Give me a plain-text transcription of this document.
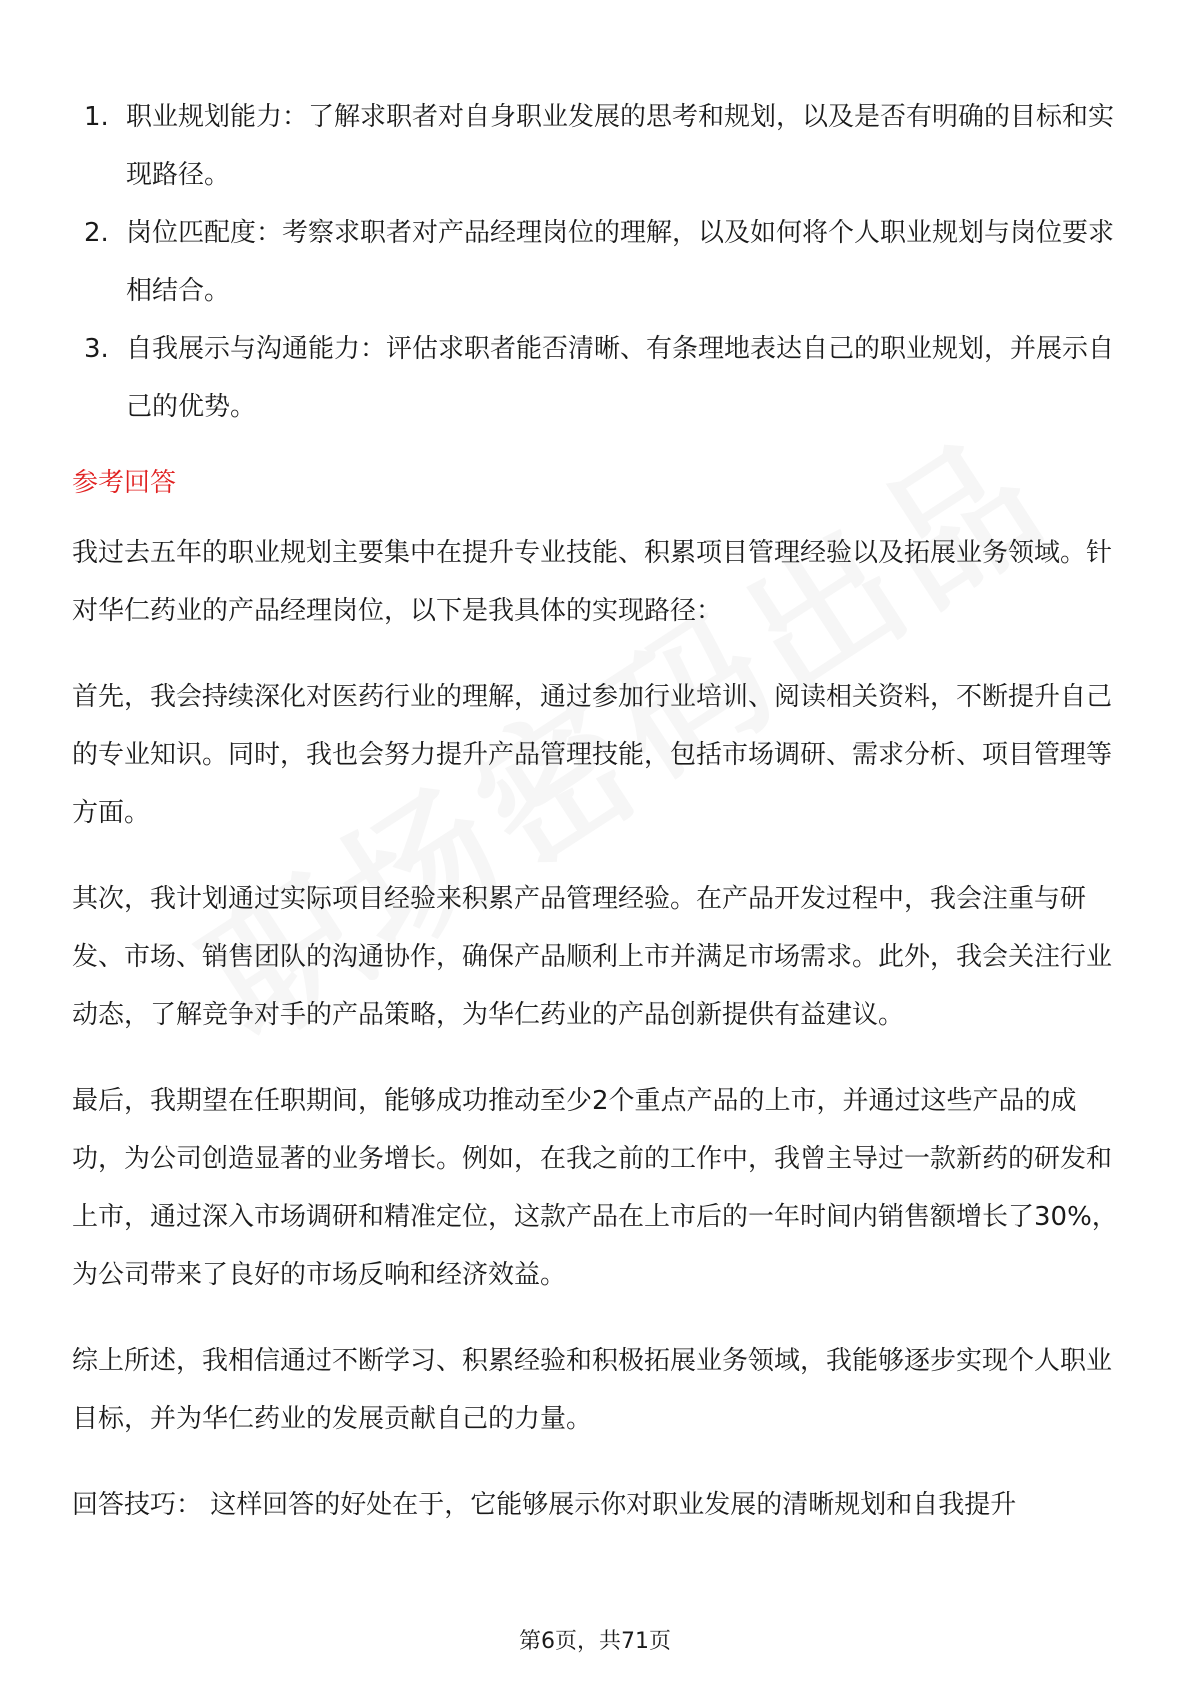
1. 职业规划能力：了解求职者对自身职业发展的思考和规划，以及是否有明确的目标和实现路径。
2. 岗位匹配度：考察求职者对产品经理岗位的理解，以及如何将个人职业规划与岗位要求相结合。
3. 自我展示与沟通能力：评估求职者能否清晰、有条理地表达自己的职业规划，并展示自己的优势。
参考回答

我过去五年的职业规划主要集中在提升专业技能、积累项目管理经验以及拓展业务领域。针对华仁药业的产品经理岗位，以下是我具体的实现路径：

首先，我会持续深化对医药行业的理解，通过参加行业培训、阅读相关资料，不断提升自己的专业知识。同时，我也会努力提升产品管理技能，包括市场调研、需求分析、项目管理等方面。

其次，我计划通过实际项目经验来积累产品管理经验。在产品开发过程中，我会注重与研发、市场、销售团队的沟通协作，确保产品顺利上市并满足市场需求。此外，我会关注行业动态，了解竞争对手的产品策略，为华仁药业的产品创新提供有益建议。

最后，我期望在任职期间，能够成功推动至少2个重点产品的上市，并通过这些产品的成功，为公司创造显著的业务增长。例如，在我之前的工作中，我曾主导过一款新药的研发和上市，通过深入市场调研和精准定位，这款产品在上市后的一年时间内销售额增长了30%，为公司带来了良好的市场反响和经济效益。

综上所述，我相信通过不断学习、积累经验和积极拓展业务领域，我能够逐步实现个人职业目标，并为华仁药业的发展贡献自己的力量。

回答技巧： 这样回答的好处在于，它能够展示你对职业发展的清晰规划和自我提升

第6页，共71页
